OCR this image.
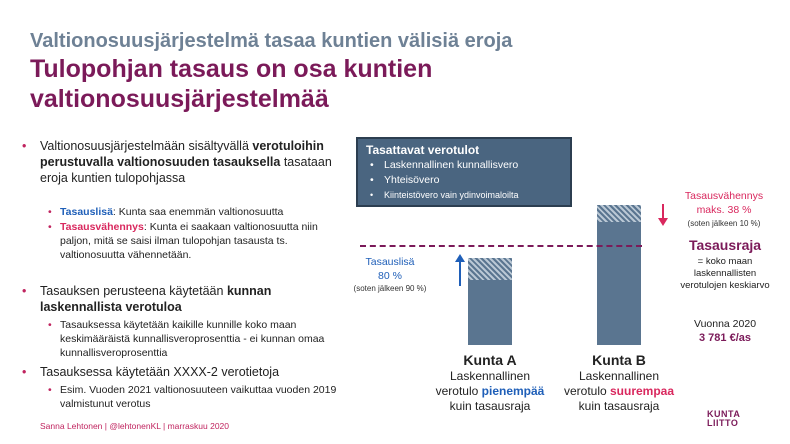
Valtionosuusjärjestelmä tasaa kuntien välisiä eroja
Tulopohjan tasaus on osa kuntien valtionosuusjärjestelmää
• Valtionosuusjärjestelmään sisältyvällä verotuloihin perustuvalla valtionosuuden tasauksella tasataan eroja kuntien tulopohjassa
• Tasauslisä: Kunta saa enemmän valtionosuutta
• Tasausvähennys: Kunta ei saakaan valtionosuutta niin paljon, mitä se saisi ilman tulopohjan tasausta ts. valtionosuutta vähennetään.
• Tasauksen perusteena käytetään kunnan laskennallista verotuloa
• Tasauksessa käytetään kaikille kunnille koko maan keskimääräistä kunnallisveroprosenttia - ei kunnan omaa kunnallisveroprosenttia
• Tasauksessa käytetään XXXX-2 verotietoja
• Esim. Vuoden 2021 valtionosuuteen vaikuttaa vuoden 2019 valmistunut verotus
Tasattavat verotulot
• Laskennallinen kunnallisvero
• Yhteisövero
• Kiinteistövero vain ydinvoimaloilta
Tasauslisä
80 %
(soten jälkeen 90 %)
Tasausvähennys
maks. 38 %
(soten jälkeen 10 %)
Tasausraja
= koko maan laskennallisten verotulojen keskiarvo
Vuonna 2020
3 781 €/as
Kunta A
Laskennallinen
verotulo pienempää
kuin tasausraja
Kunta B
Laskennallinen
verotulo suurempaa
kuin tasausraja
Sanna Lehtonen | @lehtonenKL | marraskuu 2020
KUNTA
LIITTO
